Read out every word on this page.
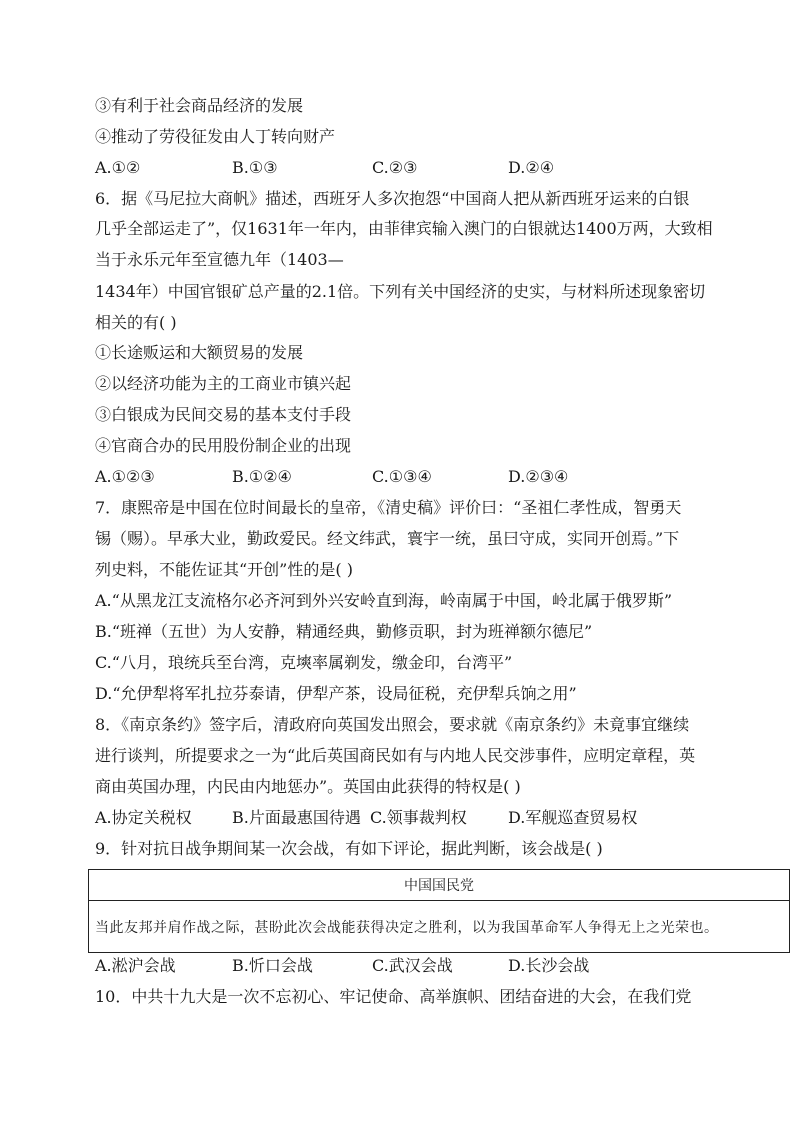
③有利于社会商品经济的发展
④推动了劳役征发由人丁转向财产
A.①②	B.①③	C.②③	D.②④
6．据《马尼拉大商帆》描述，西班牙人多次抱怨“中国商人把从新西班牙运来的白银
几乎全部运走了”，仅1631年一年内，由菲律宾输入澳门的白银就达1400万两，大致相
当于永乐元年至宣德九年（1403—
1434年）中国官银矿总产量的2.1倍。下列有关中国经济的史实，与材料所述现象密切
相关的有( )
①长途贩运和大额贸易的发展
②以经济功能为主的工商业市镇兴起
③白银成为民间交易的基本支付手段
④官商合办的民用股份制企业的出现
A.①②③	B.①②④	C.①③④	D.②③④
7．康熙帝是中国在位时间最长的皇帝，《清史稿》评价曰：“圣祖仁孝性成，智勇天
锡（赐）。早承大业，勤政爱民。经文纬武，寰宇一统，虽曰守成，实同开创焉。”下
列史料，不能佐证其“开创”性的是( )
A.“从黑龙江支流格尔必齐河到外兴安岭直到海，岭南属于中国，岭北属于俄罗斯”
B.“班禅（五世）为人安静，精通经典，勤修贡职，封为班禅额尔德尼”
C.“八月，琅统兵至台湾，克塽率属剃发，缴金印，台湾平”
D.“允伊犁将军扎拉芬泰请，伊犁产茶，设局征税，充伊犁兵饷之用”
8．《南京条约》签字后，清政府向英国发出照会，要求就《南京条约》未竟事宜继续
进行谈判，所提要求之一为“此后英国商民如有与内地人民交涉事件，应明定章程，英
商由英国办理，内民由内地惩办”。英国由此获得的特权是( )
A.协定关税权	B.片面最惠国待遇 C.领事裁判权	D.军舰巡查贸易权
9．针对抗日战争期间某一次会战，有如下评论，据此判断，该会战是( )
中国国民党
当此友邦并肩作战之际，甚盼此次会战能获得决定之胜利，以为我国革命军人争得无上之光荣也。
A.淞沪会战	B.忻口会战	C.武汉会战	D.长沙会战
10．中共十九大是一次不忘初心、牢记使命、高举旗帜、团结奋进的大会，在我们党
